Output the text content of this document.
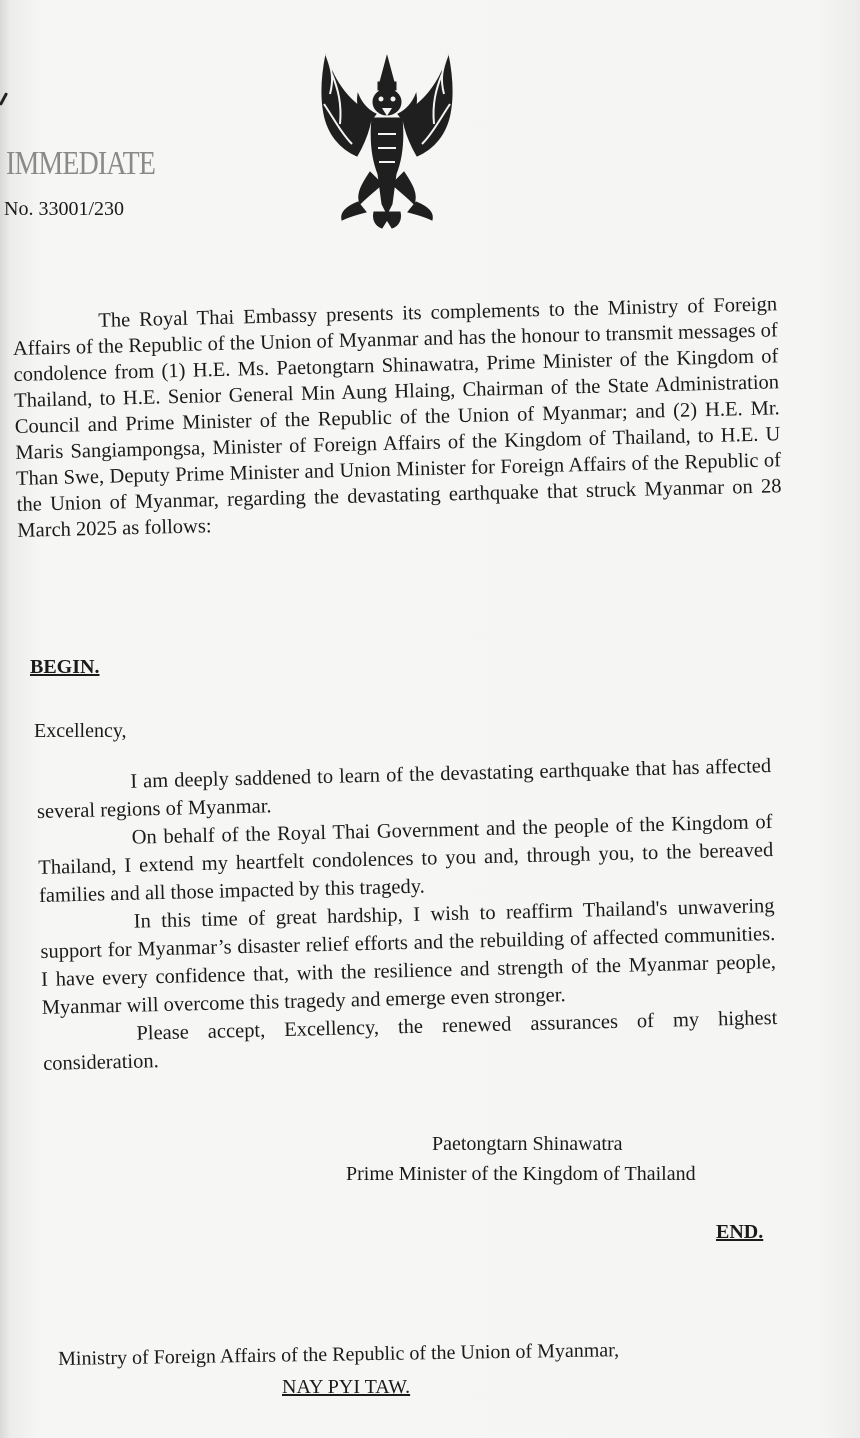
IMMEDIATE
No. 33001/230

The Royal Thai Embassy presents its complements to the Ministry of Foreign Affairs of the Republic of the Union of Myanmar and has the honour to transmit messages of condolence from (1) H.E. Ms. Paetongtarn Shinawatra, Prime Minister of the Kingdom of Thailand, to H.E. Senior General Min Aung Hlaing, Chairman of the State Administration Council and Prime Minister of the Republic of the Union of Myanmar; and (2) H.E. Mr. Maris Sangiampongsa, Minister of Foreign Affairs of the Kingdom of Thailand, to H.E. U Than Swe, Deputy Prime Minister and Union Minister for Foreign Affairs of the Republic of the Union of Myanmar, regarding the devastating earthquake that struck Myanmar on 28 March 2025 as follows:

BEGIN.
Excellency,

I am deeply saddened to learn of the devastating earthquake that has affected several regions of Myanmar.

On behalf of the Royal Thai Government and the people of the Kingdom of Thailand, I extend my heartfelt condolences to you and, through you, to the bereaved families and all those impacted by this tragedy.

In this time of great hardship, I wish to reaffirm Thailand's unwavering support for Myanmar’s disaster relief efforts and the rebuilding of affected communities. I have every confidence that, with the resilience and strength of the Myanmar people, Myanmar will overcome this tragedy and emerge even stronger.

Please accept, Excellency, the renewed assurances of my highest consideration.

Paetongtarn Shinawatra
Prime Minister of the Kingdom of Thailand
END.
Ministry of Foreign Affairs of the Republic of the Union of Myanmar,
NAY PYI TAW.
